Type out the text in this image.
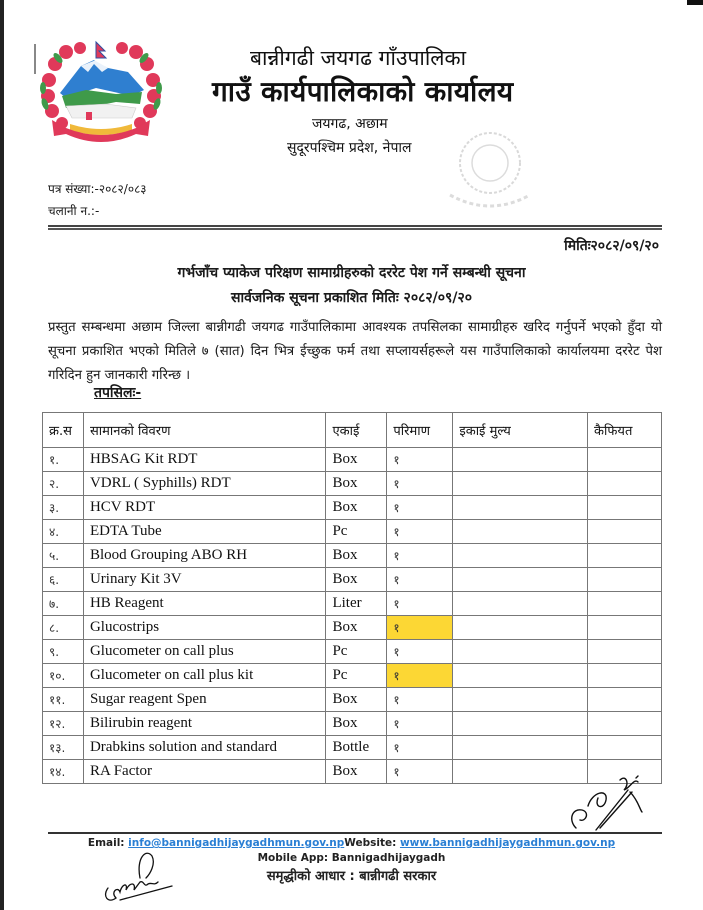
बान्नीगढी जयगढ गाँउपालिका
गाउँ कार्यपालिकाको कार्यालय
जयगढ, अछाम
सुदूरपश्चिम प्रदेश, नेपाल
पत्र संख्या:-२०८२/०८३
चलानी न.:-
मितिः२०८२/०९/२०
गर्भजाँच प्याकेज परिक्षण सामाग्रीहरुको दररेट पेश गर्ने सम्बन्धी सूचना
सार्वजनिक सूचना प्रकाशित मितिः २०८२/०९/२०
प्रस्तुत सम्बन्धमा अछाम जिल्ला बान्नीगढी जयगढ गाउँपालिकामा आवश्यक तपसिलका सामाग्रीहरु खरिद गर्नुपर्ने भएको हुँदा यो सूचना प्रकाशित भएको मितिले ७ (सात) दिन भित्र ईच्छुक फर्म तथा सप्लायर्सहरूले यस गाउँपालिकाको कार्यालयमा दररेट पेश गरिदिन हुन जानकारी गरिन्छ ।
तपसिलः-
क्र.स	सामानको विवरण	एकाई	परिमाण	इकाई मुल्य	कैफियत
१.	HBSAG Kit RDT	Box	१		
२.	VDRL ( Syphills) RDT	Box	१		
३.	HCV RDT	Box	१		
४.	EDTA Tube	Pc	१		
५.	Blood Grouping ABO RH	Box	१		
६.	Urinary Kit 3V	Box	१		
७.	HB Reagent	Liter	१		
८.	Glucostrips	Box	१		
९.	Glucometer on call plus	Pc	१		
१०.	Glucometer on call plus kit	Pc	१		
११.	Sugar reagent Spen	Box	१		
१२.	Bilirubin reagent	Box	१		
१३.	Drabkins solution and standard	Bottle	१		
१४.	RA Factor	Box	१		
Email: info@bannigadhijaygadhmun.gov.npWebsite: www.bannigadhijaygadhmun.gov.np
Mobile App: Bannigadhijaygadh
समृद्धीको आधार : बान्नीगढी सरकार
